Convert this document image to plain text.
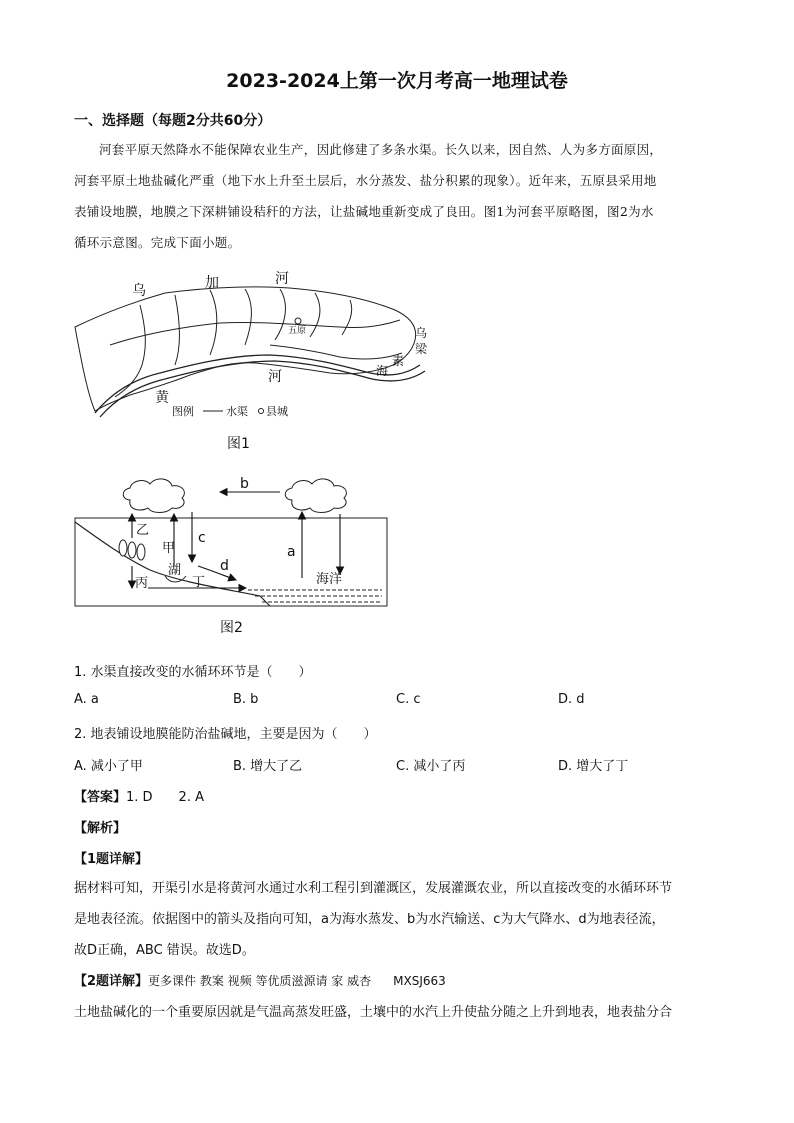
2023-2024上第一次月考高一地理试卷
一、选择题（每题2分共60分）
河套平原天然降水不能保障农业生产，因此修建了多条水渠。长久以来，因自然、人为多方面原因，
河套平原土地盐碱化严重（地下水上升至土层后，水分蒸发、盐分积累的现象）。近年来，五原县采用地
表铺设地膜，地膜之下深耕铺设秸秆的方法，让盐碱地重新变成了良田。图1为河套平原略图，图2为水
循环示意图。完成下面小题。
乌	加	河
五原	乌
梁
素
海
河
黄
图例	水渠 县城
图1
b
a
c
d
甲
乙
湖
丙	丁	海洋
图2
1. 水渠直接改变的水循环环节是（　　）
A. a	B. b	C. c	D. d
2. 地表铺设地膜能防治盐碱地，主要是因为（　　）
A. 减小了甲	B. 增大了乙	C. 减小了丙	D. 增大了丁
【答案】1. D　　2. A
【解析】
【1题详解】
据材料可知，开渠引水是将黄河水通过水利工程引到灌溉区，发展灌溉农业，所以直接改变的水循环环节
是地表径流。依据图中的箭头及指向可知，a为海水蒸发、b为水汽输送、c为大气降水、d为地表径流，
故D正确，ABC 错误。故选D。
【2题详解】更多课件 教案 视频 等优质滋源请 家 威杏 MXSJ663
土地盐碱化的一个重要原因就是气温高蒸发旺盛，土壤中的水汽上升使盐分随之上升到地表，地表盐分合
